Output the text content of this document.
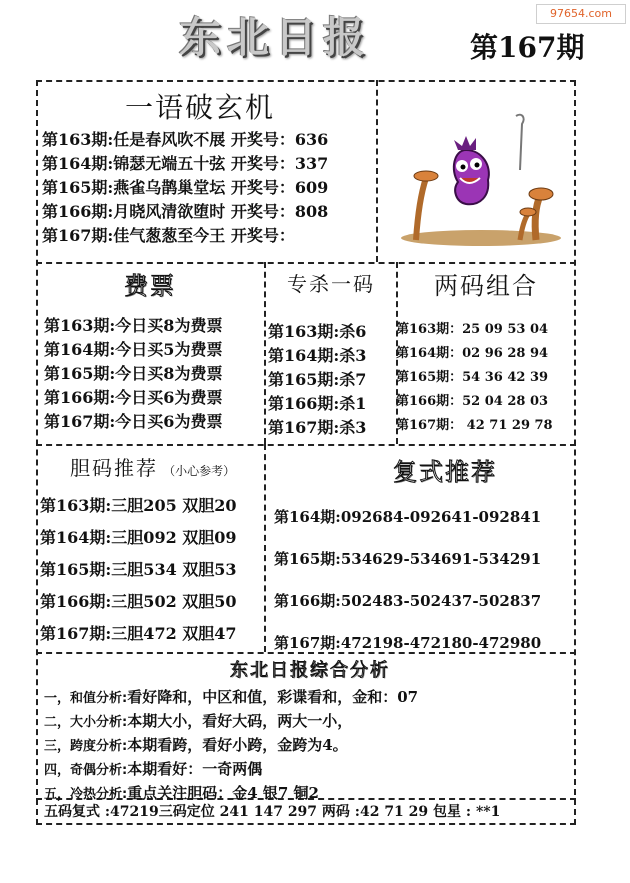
97654.com
东北日报	第167期
一语破玄机
第163期:任是春风吹不展 开奖号：636
第164期:锦瑟无端五十弦 开奖号：337
第165期:燕雀乌鹊巢堂坛 开奖号：609
第166期:月晓风清欲堕时 开奖号：808
第167期:佳气葱葱至今王 开奖号：
费票
第163期:今日买8为费票
第164期:今日买5为费票
第165期:今日买8为费票
第166期:今日买6为费票
第167期:今日买6为费票
专杀一码
第163期:杀6
第164期:杀3
第165期:杀7
第166期:杀1
第167期:杀3
两码组合
第163期：25 09 53 04
第164期：02 96 28 94
第165期：54 36 42 39
第166期：52 04 28 03
第167期： 42 71 29 78
胆码推荐 （小心参考）
第163期:三胆205 双胆20
第164期:三胆092 双胆09
第165期:三胆534 双胆53
第166期:三胆502 双胆50
第167期:三胆472 双胆47
复式推荐
第164期:092684-092641-092841
第165期:534629-534691-534291
第166期:502483-502437-502837
第167期:472198-472180-472980
东北日报综合分析
一，和值分析:看好降和，中区和值，彩谍看和，金和：07
二，大小分析:本期大小，看好大码，两大一小，
三，跨度分析:本期看跨，看好小跨，金跨为4。
四，奇偶分析:本期看好：一奇两偶
五，冷热分析:重点关注胆码：金4 银7 铜2
五码复式 :47219三码定位 241 147 297 两码 :42 71 29 包星 : **1
